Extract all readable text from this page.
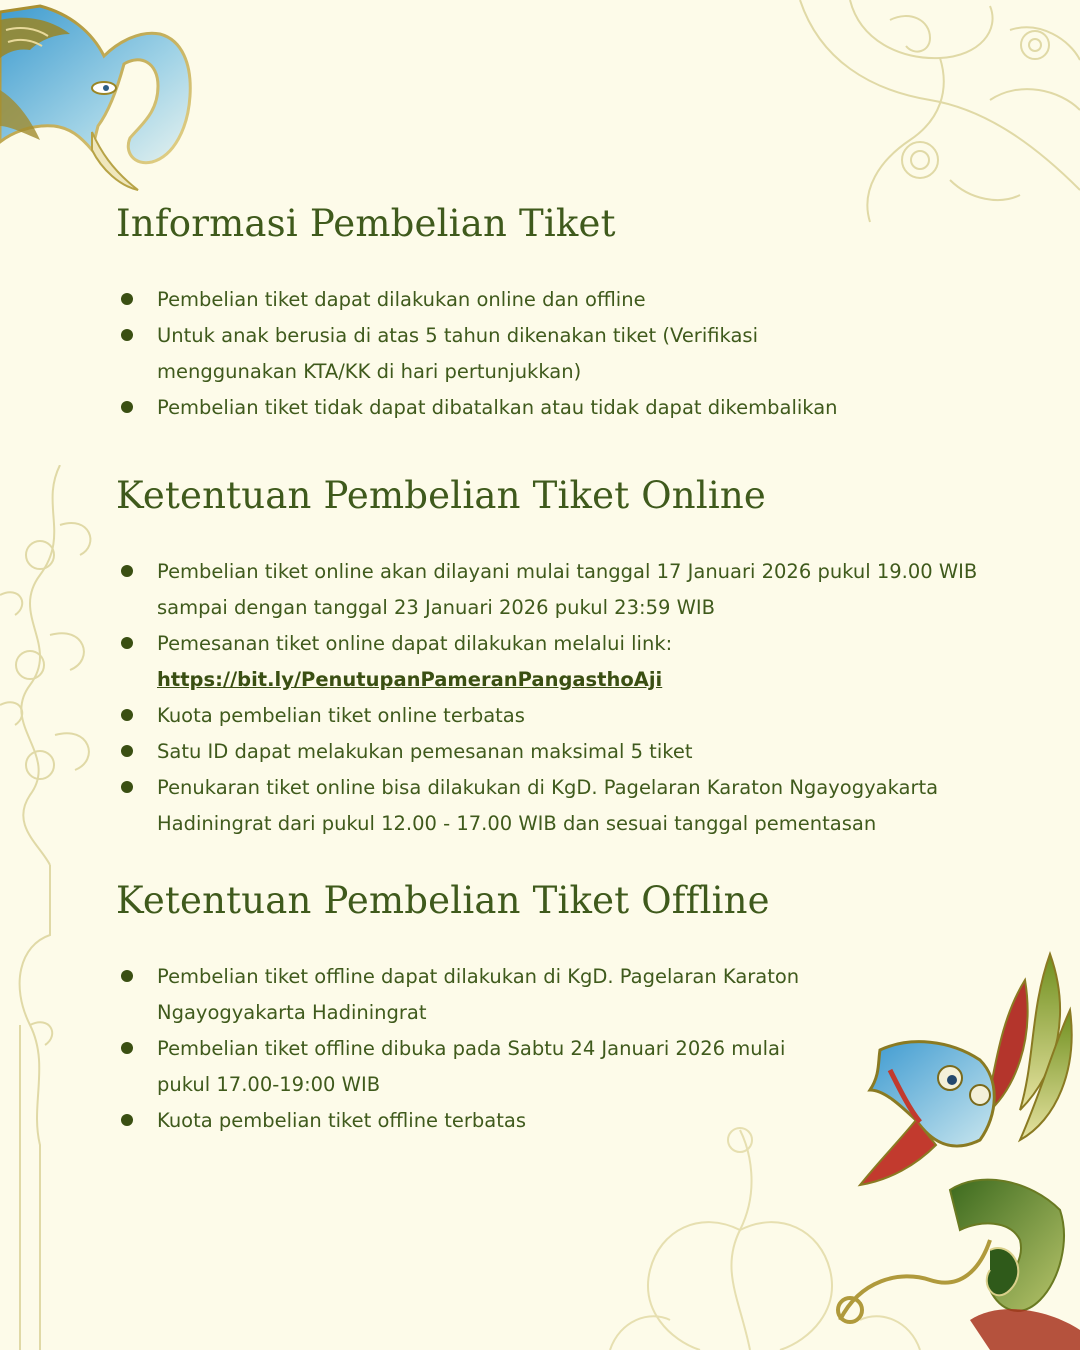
Informasi Pembelian Tiket
Pembelian tiket dapat dilakukan online dan offline
Untuk anak berusia di atas 5 tahun dikenakan tiket (Verifikasi
menggunakan KTA/KK di hari pertunjukkan)
Pembelian tiket tidak dapat dibatalkan atau tidak dapat dikembalikan
Ketentuan Pembelian Tiket Online
Pembelian tiket online akan dilayani mulai tanggal 17 Januari 2026 pukul 19.00 WIB
sampai dengan tanggal 23 Januari 2026 pukul 23:59 WIB
Pemesanan tiket online dapat dilakukan melalui link:
https://bit.ly/PenutupanPameranPangasthoAji
Kuota pembelian tiket online terbatas
Satu ID dapat melakukan pemesanan maksimal 5 tiket
Penukaran tiket online bisa dilakukan di KgD. Pagelaran Karaton Ngayogyakarta
Hadiningrat dari pukul 12.00 - 17.00 WIB dan sesuai tanggal pementasan
Ketentuan Pembelian Tiket Offline
Pembelian tiket offline dapat dilakukan di KgD. Pagelaran Karaton
Ngayogyakarta Hadiningrat
Pembelian tiket offline dibuka pada Sabtu 24 Januari 2026 mulai
pukul 17.00-19:00 WIB
Kuota pembelian tiket offline terbatas
